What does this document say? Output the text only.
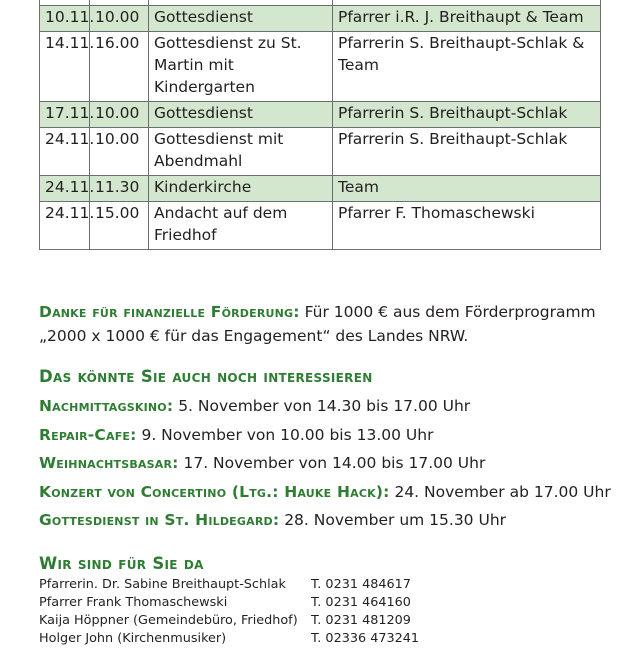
10.11.	10.00	Gottesdienst	Pfarrer i.R. J. Breithaupt & Team
14.11.	16.00	Gottesdienst zu St. Martin mit Kindergarten	Pfarrerin S. Breithaupt-Schlak & Team
17.11.	10.00	Gottesdienst	Pfarrerin S. Breithaupt-Schlak
24.11.	10.00	Gottesdienst mit Abendmahl	Pfarrerin S. Breithaupt-Schlak
24.11.	11.30	Kinderkirche	Team
24.11.	15.00	Andacht auf dem Friedhof	Pfarrer F. Thomaschewski
Danke für finanzielle Förderung: Für 1000 € aus dem Förderprogramm „2000 x 1000 € für das Engagement“ des Landes NRW.
Das könnte Sie auch noch interessieren
Nachmittagskino: 5. November von 14.30 bis 17.00 Uhr
Repair-Cafe: 9. November von 10.00 bis 13.00 Uhr
Weihnachtsbasar: 17. November von 14.00 bis 17.00 Uhr
Konzert von Concertino (Ltg.: Hauke Hack): 24. November ab 17.00 Uhr
Gottesdienst in St. Hildegard: 28. November um 15.30 Uhr
Wir sind für Sie da
Pfarrerin. Dr. Sabine Breithaupt-Schlak	T. 0231 484617
Pfarrer Frank Thomaschewski	T. 0231 464160
Kaija Höppner (Gemeindebüro, Friedhof)	T. 0231 481209
Holger John (Kirchenmusiker)	T. 02336 473241
